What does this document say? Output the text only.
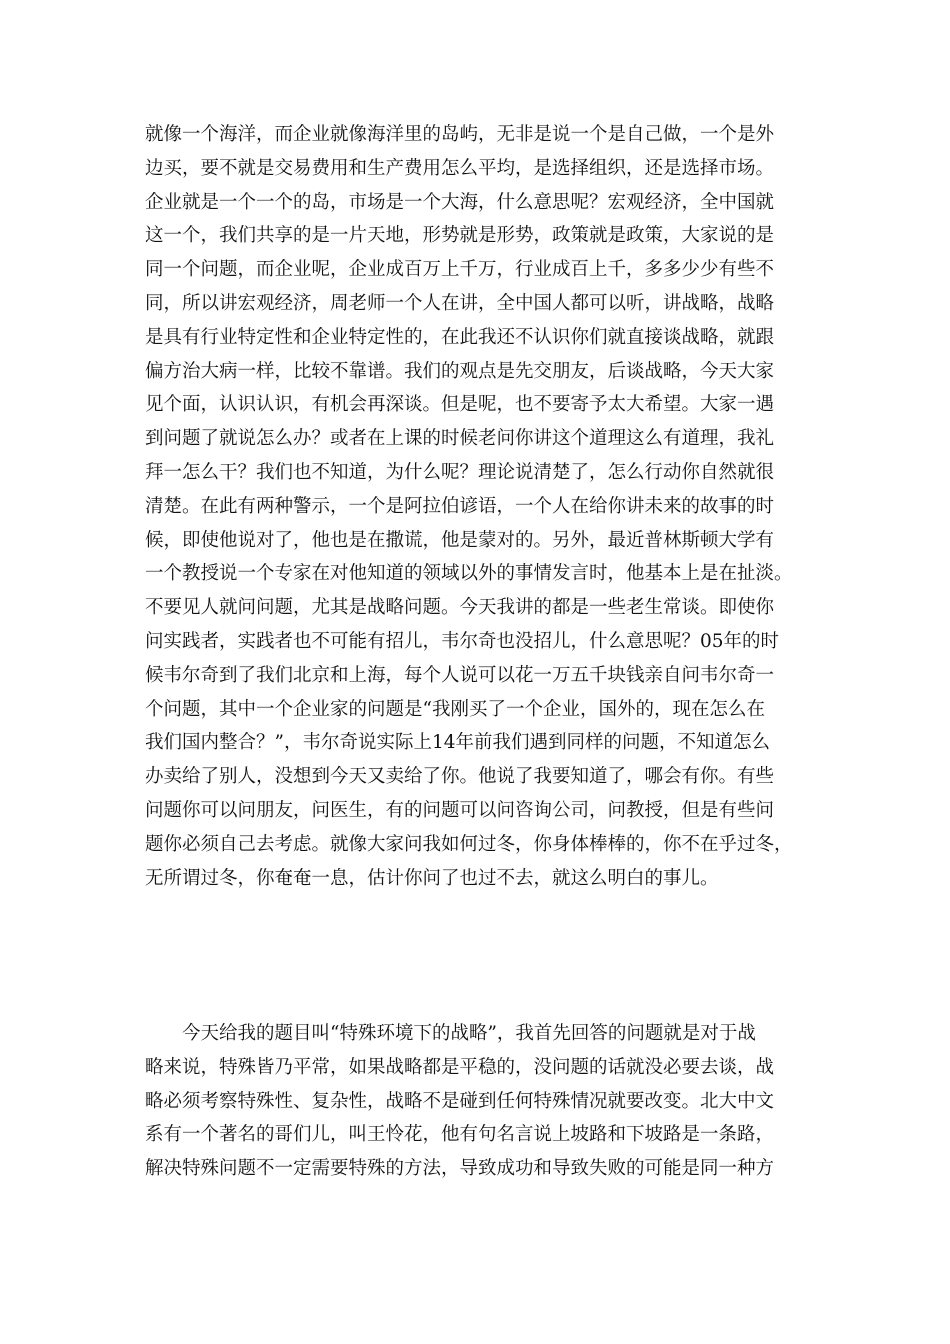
就像一个海洋，而企业就像海洋里的岛屿，无非是说一个是自己做，一个是外
边买，要不就是交易费用和生产费用怎么平均，是选择组织，还是选择市场。
企业就是一个一个的岛，市场是一个大海，什么意思呢？宏观经济，全中国就
这一个，我们共享的是一片天地，形势就是形势，政策就是政策，大家说的是
同一个问题，而企业呢，企业成百万上千万，行业成百上千，多多少少有些不
同，所以讲宏观经济，周老师一个人在讲，全中国人都可以听，讲战略，战略
是具有行业特定性和企业特定性的，在此我还不认识你们就直接谈战略，就跟
偏方治大病一样，比较不靠谱。我们的观点是先交朋友，后谈战略，今天大家
见个面，认识认识，有机会再深谈。但是呢，也不要寄予太大希望。大家一遇
到问题了就说怎么办？或者在上课的时候老问你讲这个道理这么有道理，我礼
拜一怎么干？我们也不知道，为什么呢？理论说清楚了，怎么行动你自然就很
清楚。在此有两种警示，一个是阿拉伯谚语，一个人在给你讲未来的故事的时
候，即使他说对了，他也是在撒谎，他是蒙对的。另外，最近普林斯顿大学有
一个教授说一个专家在对他知道的领域以外的事情发言时，他基本上是在扯淡。
不要见人就问问题，尤其是战略问题。今天我讲的都是一些老生常谈。即使你
问实践者，实践者也不可能有招儿，韦尔奇也没招儿，什么意思呢？05年的时
候韦尔奇到了我们北京和上海，每个人说可以花一万五千块钱亲自问韦尔奇一
个问题，其中一个企业家的问题是“我刚买了一个企业，国外的，现在怎么在
我们国内整合？”，韦尔奇说实际上14年前我们遇到同样的问题，不知道怎么
办卖给了别人，没想到今天又卖给了你。他说了我要知道了，哪会有你。有些
问题你可以问朋友，问医生，有的问题可以问咨询公司，问教授，但是有些问
题你必须自己去考虑。就像大家问我如何过冬，你身体棒棒的，你不在乎过冬，
无所谓过冬，你奄奄一息，估计你问了也过不去，就这么明白的事儿。
今天给我的题目叫“特殊环境下的战略”，我首先回答的问题就是对于战
略来说，特殊皆乃平常，如果战略都是平稳的，没问题的话就没必要去谈，战
略必须考察特殊性、复杂性，战略不是碰到任何特殊情况就要改变。北大中文
系有一个著名的哥们儿，叫王怜花，他有句名言说上坡路和下坡路是一条路，
解决特殊问题不一定需要特殊的方法，导致成功和导致失败的可能是同一种方
